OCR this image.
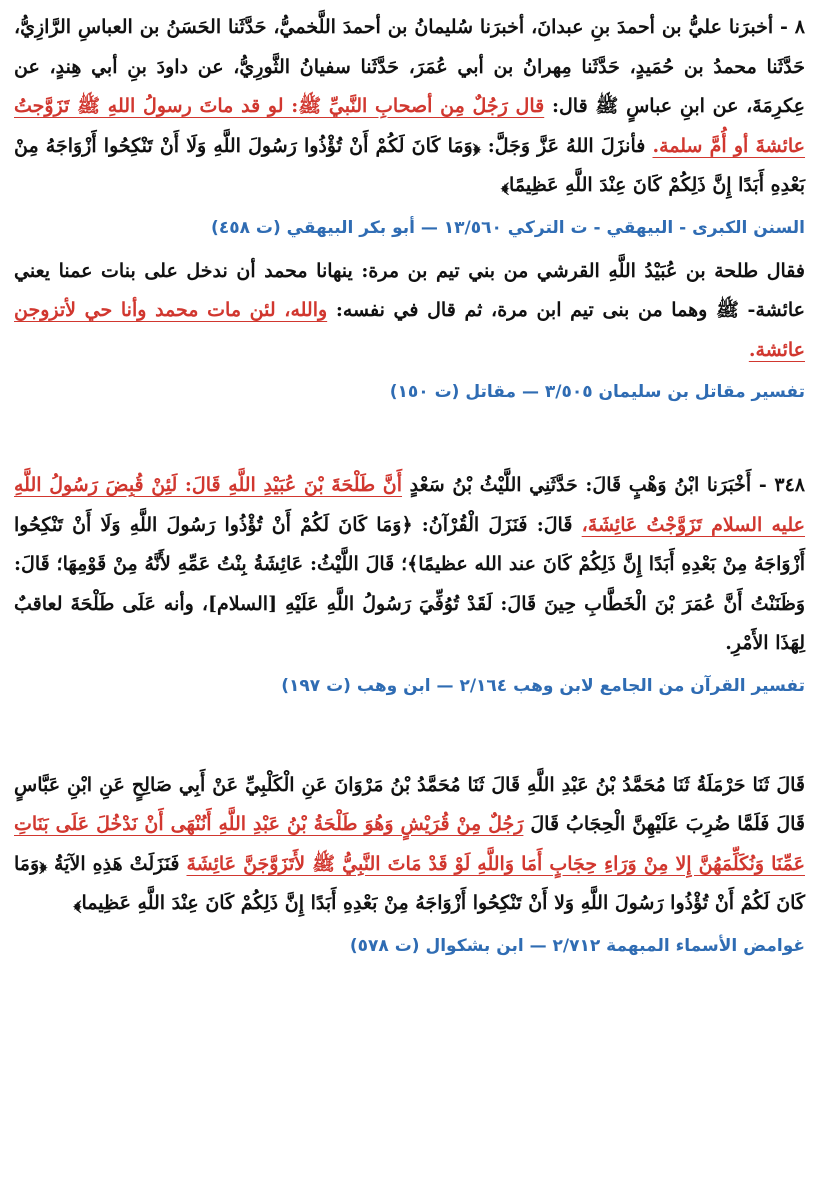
٨ - أخبرَنا عليُّ بن أحمدَ بنِ عبدانَ، أخبرَنا سُليمانُ بن أحمدَ اللَّخميُّ، حَدَّثَنا الحَسَنُ بن العباسِ الرَّازِيُّ، حَدَّثَنا محمدُ بن حُمَيدٍ، حَدَّثَنا مِهرانُ بن أبي عُمَرَ، حَدَّثَنا سفيانُ الثَّورِيُّ، عن داودَ بنِ أبي هِندٍ، عن عِكرِمَةَ، عن ابنِ عباسٍ ﷺ قال: قال رَجُلٌ مِن أصحابِ النَّبيِّ ﷺ: لو قد ماتَ رسولُ اللهِ ﷺ تَزَوَّجتُ عائشةَ أو أُمَّ سلمة. فأنزَلَ اللهُ عَزَّ وَجَلَّ: ﴿وَمَا كَانَ لَكُمْ أَنْ تُؤْذُوا رَسُولَ اللَّهِ وَلَا أَنْ تَنْكِحُوا أَزْوَاجَهُ مِنْ بَعْدِهِ أَبَدًا إِنَّ ذَلِكُمْ كَانَ عِنْدَ اللَّهِ عَظِيمًا﴾

السنن الكبرى - البيهقي - ت التركي ١٣/٥٦٠ — أبو بكر البيهقي (ت ٤٥٨)

فقال طلحة بن عُبَيْدُ اللَّهِ القرشي من بني تيم بن مرة: ينهانا محمد أن ندخل على بنات عمنا يعني عائشة- ﷺ وهما من بنى تيم ابن مرة، ثم قال في نفسه: والله، لئن مات محمد وأنا حي لأتزوجن عائشة.

تفسير مقاتل بن سليمان ٣/٥٠٥ — مقاتل (ت ١٥٠)

٣٤٨ - أَخْبَرَنا ابْنُ وَهْبٍ قَالَ: حَدَّثَنِي اللَّيْثُ بْنُ سَعْدٍ أَنَّ طَلْحَةَ بْنَ عُبَيْدِ اللَّهِ قَالَ: لَئِنْ قُبِضَ رَسُولُ اللَّهِ عليه السلام تَزَوَّجْتُ عَائِشَةَ، قَالَ: فَنَزَلَ الْقُرْآنُ: ﴿وَمَا كَانَ لَكُمْ أَنْ تُؤْذُوا رَسُولَ اللَّهِ وَلَا أَنْ تَنْكِحُوا أَزْوَاجَهُ مِنْ بَعْدِهِ أَبَدًا إِنَّ ذَلِكُمْ كَانَ عند الله عظيمًا﴾؛ قَالَ اللَّيْثُ: عَائِشَةُ بِنْتُ عَمِّهِ لأَنَّهُ مِنْ قَوْمِهَا؛ قَالَ: وَظَنَنْتُ أَنَّ عُمَرَ بْنَ الْخَطَّابِ حِينَ قَالَ: لَقَدْ تُوُفِّيَ رَسُولُ اللَّهِ عَلَيْهِ [السلام]، وأنه عَلَى طَلْحَةَ لعاقبٌ لِهَذَا الأَمْرِ.

تفسير القرآن من الجامع لابن وهب ٢/١٦٤ — ابن وهب (ت ١٩٧)

قَالَ ثَنَا حَرْمَلَةُ ثَنَا مُحَمَّدُ بْنُ عَبْدِ اللَّهِ قَالَ ثَنَا مُحَمَّدُ بْنُ مَرْوَانَ عَنِ الْكَلْبِيِّ عَنْ أَبِي صَالِحٍ عَنِ ابْنِ عَبَّاسٍ قَالَ فَلَمَّا ضُرِبَ عَلَيْهِنَّ الْحِجَابُ قَالَ رَجُلٌ مِنْ قُرَيْشٍ وَهُوَ طَلْحَةُ بْنُ عَبْدِ اللَّهِ أَنُنْهَى أَنْ نَدْخُلَ عَلَى بَنَاتِ عَمِّنَا وَنُكَلِّمَهُنَّ إِلا مِنْ وَرَاءِ حِجَابٍ أَمَا وَاللَّهِ لَوْ قَدْ مَاتَ النَّبِيُّ ﷺ لأَتَزَوَّجَنَّ عَائِشَةَ فَنَزَلَتْ هَذِهِ الآيَةُ ﴿وَمَا كَانَ لَكُمْ أَنْ تُؤْذُوا رَسُولَ اللَّهِ وَلا أَنْ تَنْكِحُوا أَزْوَاجَهُ مِنْ بَعْدِهِ أَبَدًا إِنَّ ذَلِكُمْ كَانَ عِنْدَ اللَّهِ عَظِيما﴾

غوامض الأسماء المبهمة ٢/٧١٢ — ابن بشكوال (ت ٥٧٨)
